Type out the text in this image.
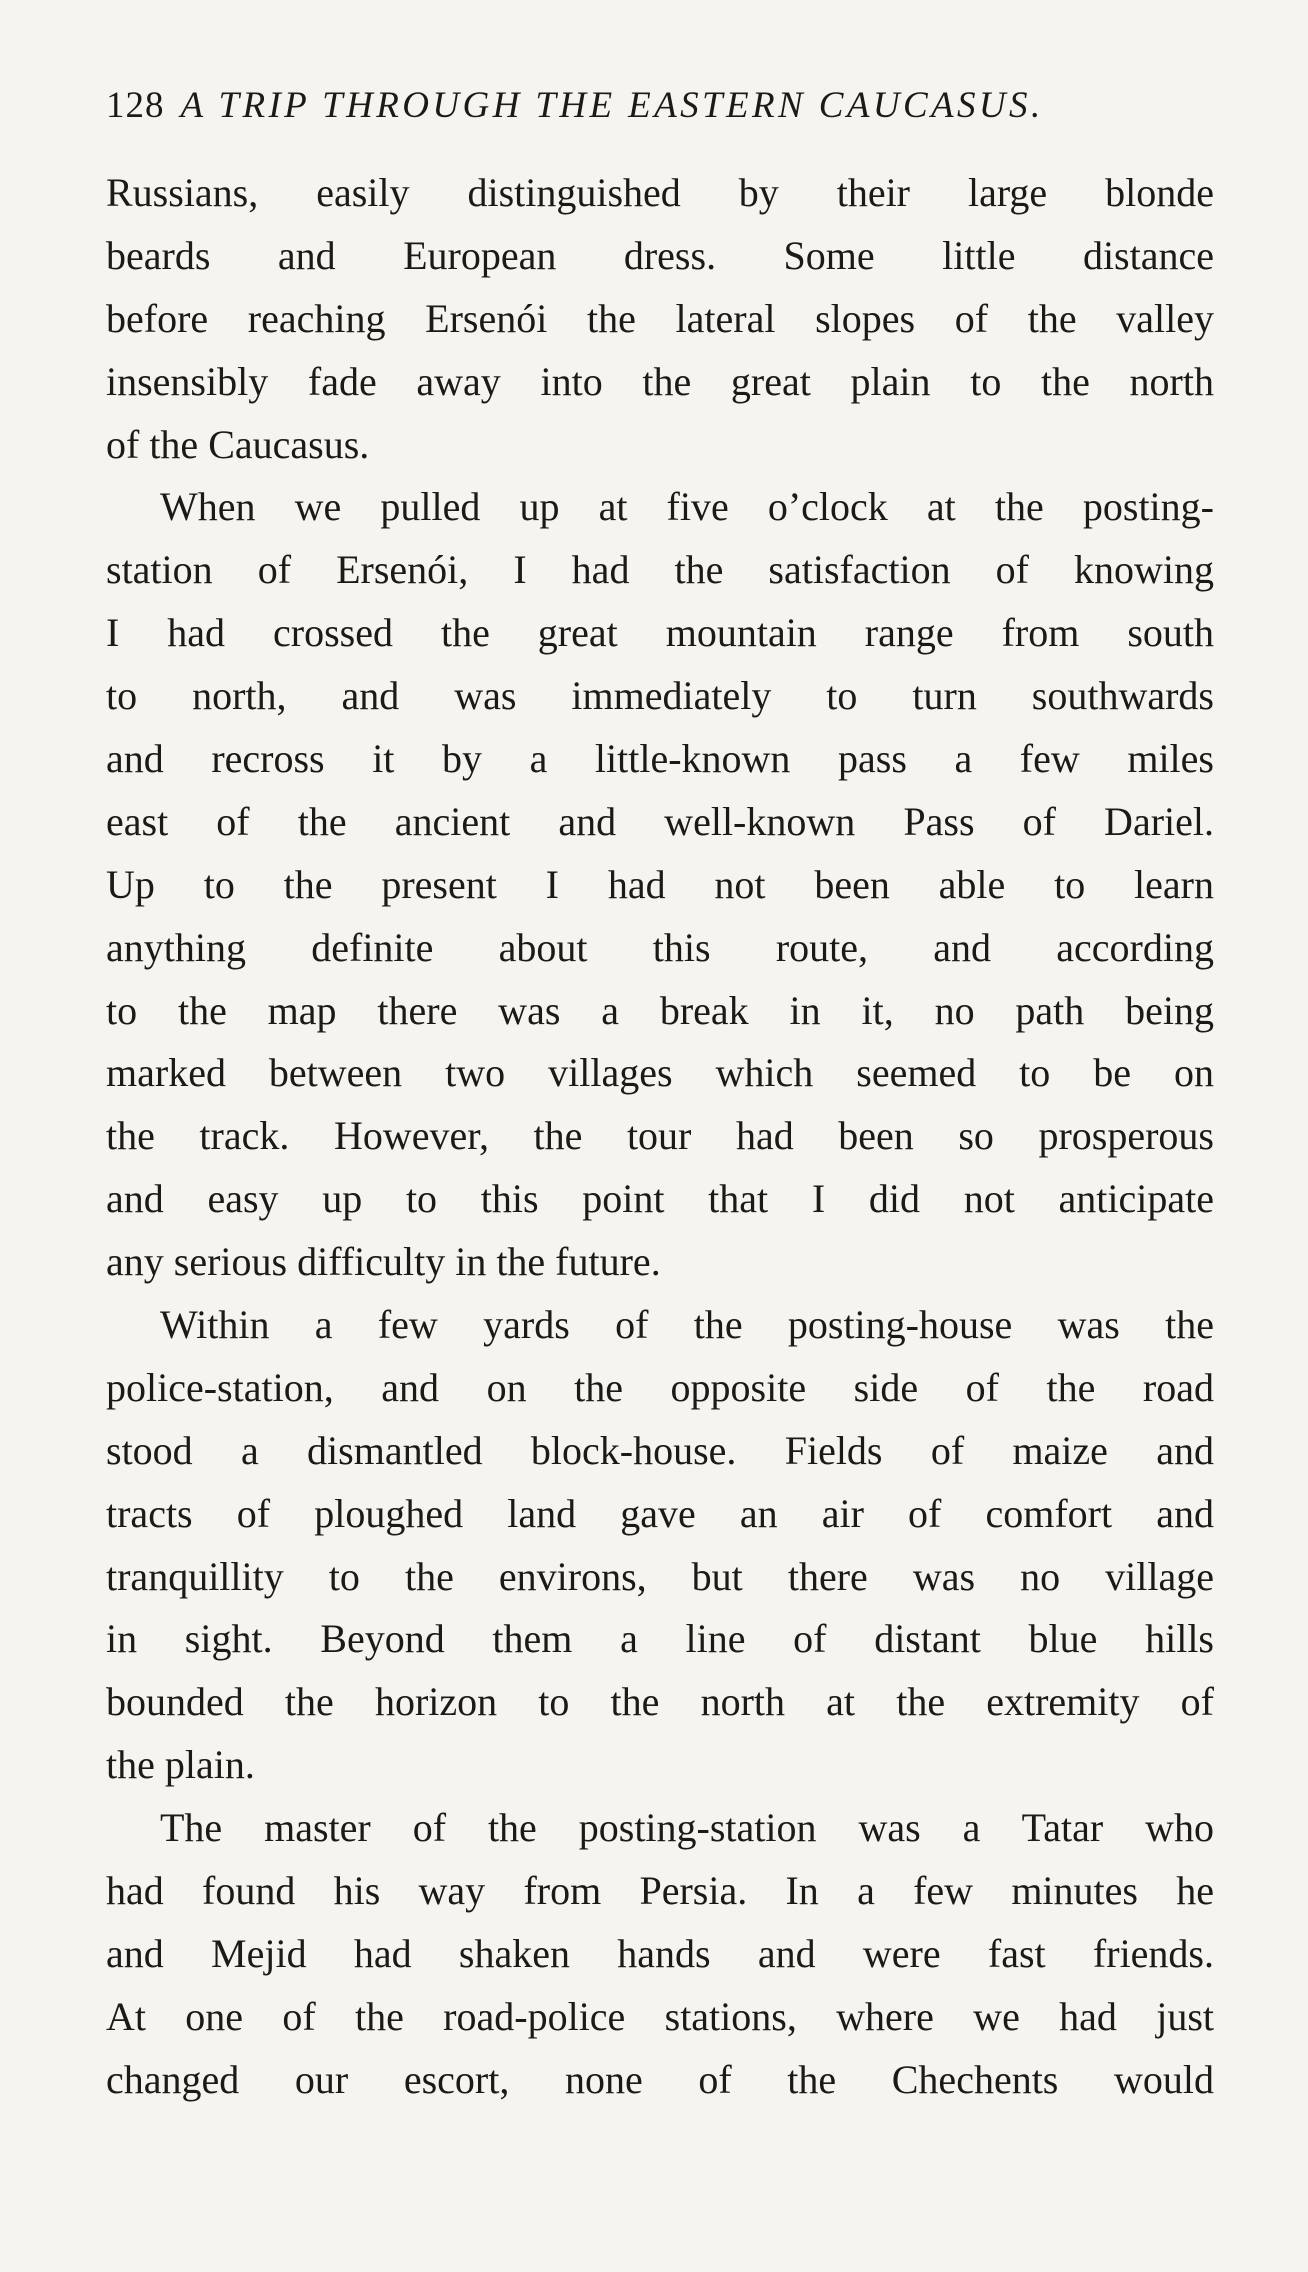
128 A TRIP THROUGH THE EASTERN CAUCASUS.
Russians, easily distinguished by their large blonde
beards and European dress. Some little distance
before reaching Ersenói the lateral slopes of the valley
insensibly fade away into the great plain to the north
of the Caucasus.
When we pulled up at five o’clock at the posting-
station of Ersenói, I had the satisfaction of knowing
I had crossed the great mountain range from south
to north, and was immediately to turn southwards
and recross it by a little-known pass a few miles
east of the ancient and well-known Pass of Dariel.
Up to the present I had not been able to learn
anything definite about this route, and according
to the map there was a break in it, no path being
marked between two villages which seemed to be on
the track. However, the tour had been so prosperous
and easy up to this point that I did not anticipate
any serious difficulty in the future.
Within a few yards of the posting-house was the
police-station, and on the opposite side of the road
stood a dismantled block-house. Fields of maize and
tracts of ploughed land gave an air of comfort and
tranquillity to the environs, but there was no village
in sight. Beyond them a line of distant blue hills
bounded the horizon to the north at the extremity of
the plain.
The master of the posting-station was a Tatar who
had found his way from Persia. In a few minutes he
and Mejid had shaken hands and were fast friends.
At one of the road-police stations, where we had just
changed our escort, none of the Chechents would
